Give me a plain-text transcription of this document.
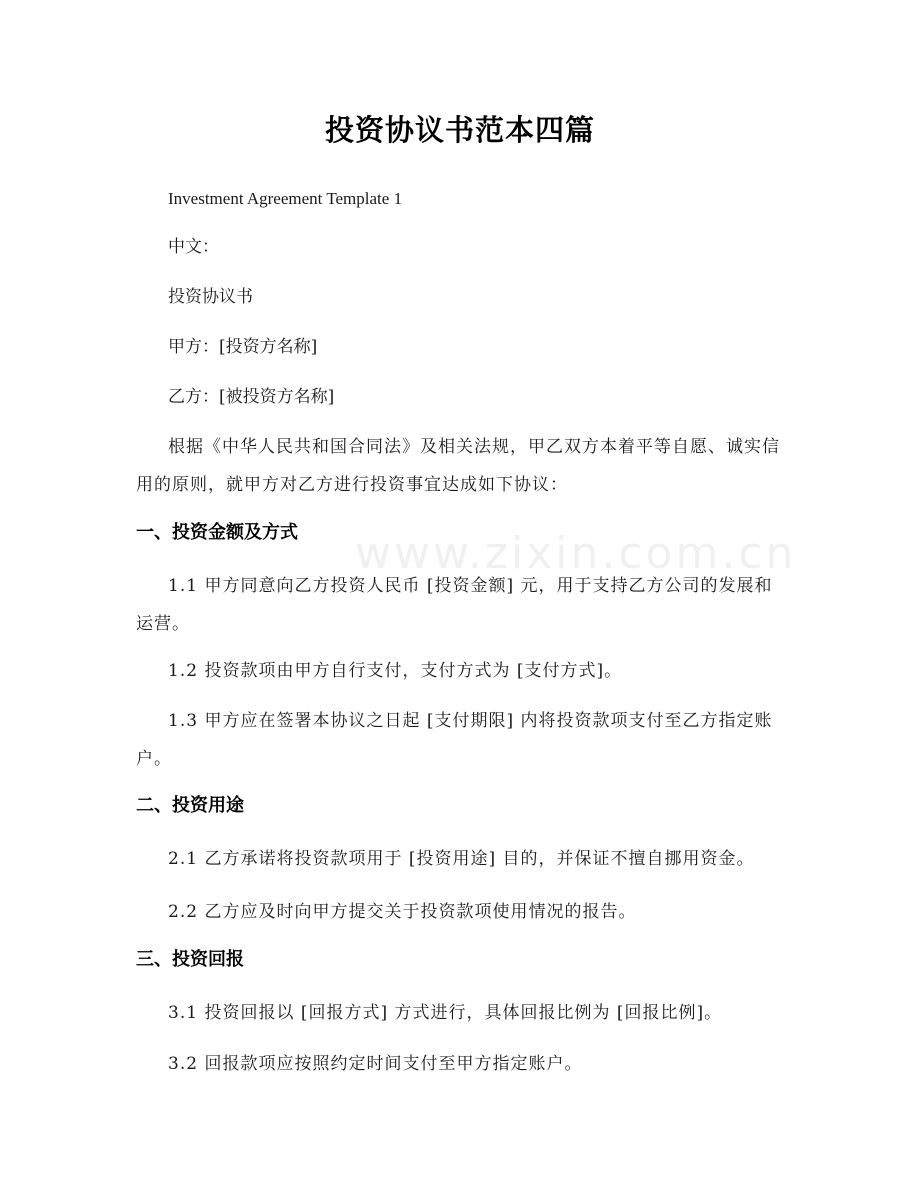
www.zixin.com.cn
投资协议书范本四篇
Investment Agreement Template 1
中文：
投资协议书
甲方：[投资方名称]
乙方：[被投资方名称]
根据《中华人民共和国合同法》及相关法规，甲乙双方本着平等自愿、诚实信用的原则，就甲方对乙方进行投资事宜达成如下协议：
一、投资金额及方式
1.1 甲方同意向乙方投资人民币 [投资金额] 元，用于支持乙方公司的发展和运营。
1.2 投资款项由甲方自行支付，支付方式为 [支付方式]。
1.3 甲方应在签署本协议之日起 [支付期限] 内将投资款项支付至乙方指定账户。
二、投资用途
2.1 乙方承诺将投资款项用于 [投资用途] 目的，并保证不擅自挪用资金。
2.2 乙方应及时向甲方提交关于投资款项使用情况的报告。
三、投资回报
3.1 投资回报以 [回报方式] 方式进行，具体回报比例为 [回报比例]。
3.2 回报款项应按照约定时间支付至甲方指定账户。
